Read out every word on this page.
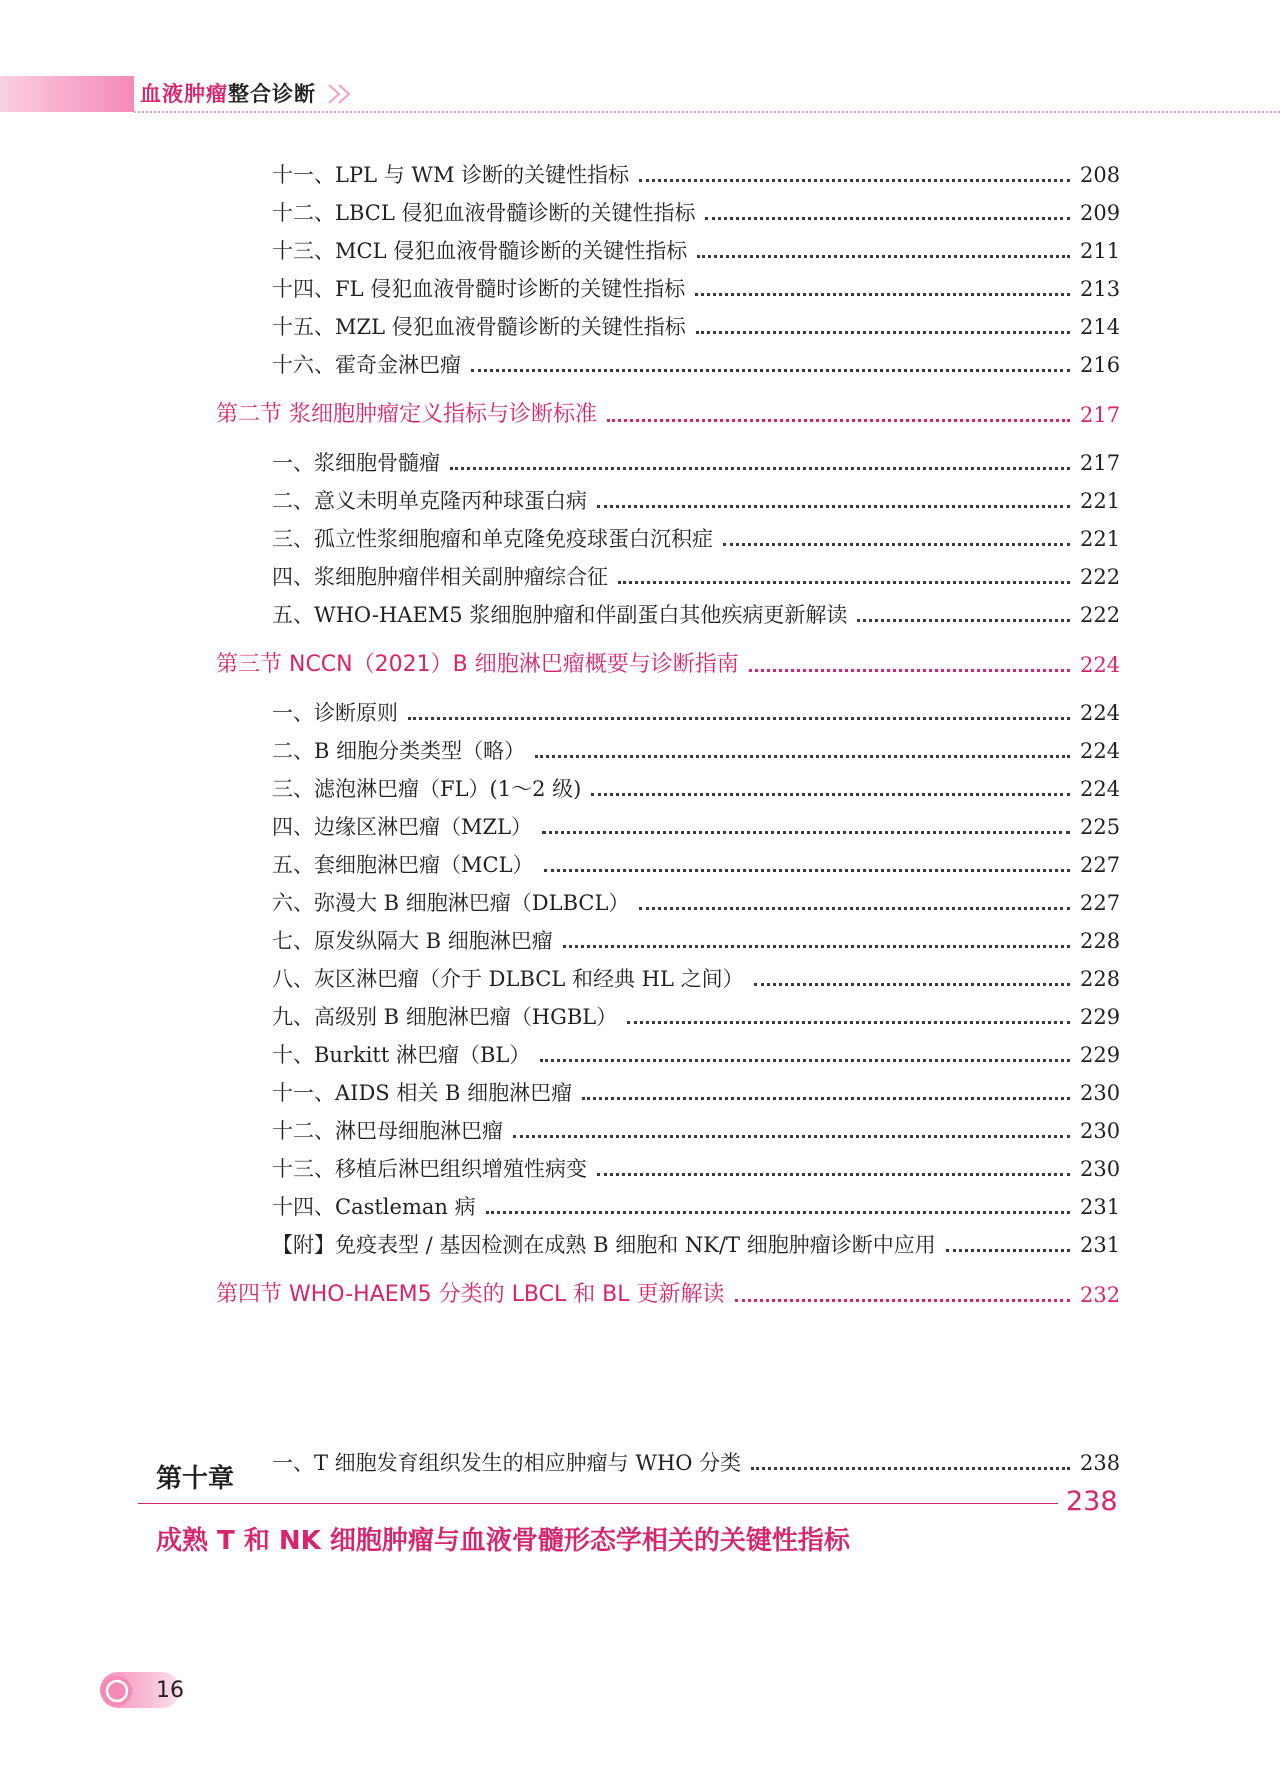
血液肿瘤整合诊断
十一、LPL 与 WM 诊断的关键性指标	208
十二、LBCL 侵犯血液骨髓诊断的关键性指标	209
十三、MCL 侵犯血液骨髓诊断的关键性指标	211
十四、FL 侵犯血液骨髓时诊断的关键性指标	213
十五、MZL 侵犯血液骨髓诊断的关键性指标	214
十六、霍奇金淋巴瘤	216
第二节 浆细胞肿瘤定义指标与诊断标准	217
一、浆细胞骨髓瘤	217
二、意义未明单克隆丙种球蛋白病	221
三、孤立性浆细胞瘤和单克隆免疫球蛋白沉积症	221
四、浆细胞肿瘤伴相关副肿瘤综合征	222
五、WHO-HAEM5 浆细胞肿瘤和伴副蛋白其他疾病更新解读	222
第三节 NCCN（2021）B 细胞淋巴瘤概要与诊断指南	224
一、诊断原则	224
二、B 细胞分类类型（略）	224
三、滤泡淋巴瘤（FL）(1～2 级)	224
四、边缘区淋巴瘤（MZL）	225
五、套细胞淋巴瘤（MCL）	227
六、弥漫大 B 细胞淋巴瘤（DLBCL）	227
七、原发纵隔大 B 细胞淋巴瘤	228
八、灰区淋巴瘤（介于 DLBCL 和经典 HL 之间）	228
九、高级别 B 细胞淋巴瘤（HGBL）	229
十、Burkitt 淋巴瘤（BL）	229
十一、AIDS 相关 B 细胞淋巴瘤	230
十二、淋巴母细胞淋巴瘤	230
十三、移植后淋巴组织增殖性病变	230
十四、Castleman 病	231
【附】免疫表型 / 基因检测在成熟 B 细胞和 NK/T 细胞肿瘤诊断中应用	231
第四节 WHO-HAEM5 分类的 LBCL 和 BL 更新解读	232
一、T 细胞发育组织发生的相应肿瘤与 WHO 分类	238
第十章
238
成熟 T 和 NK 细胞肿瘤与血液骨髓形态学相关的关键性指标
16
